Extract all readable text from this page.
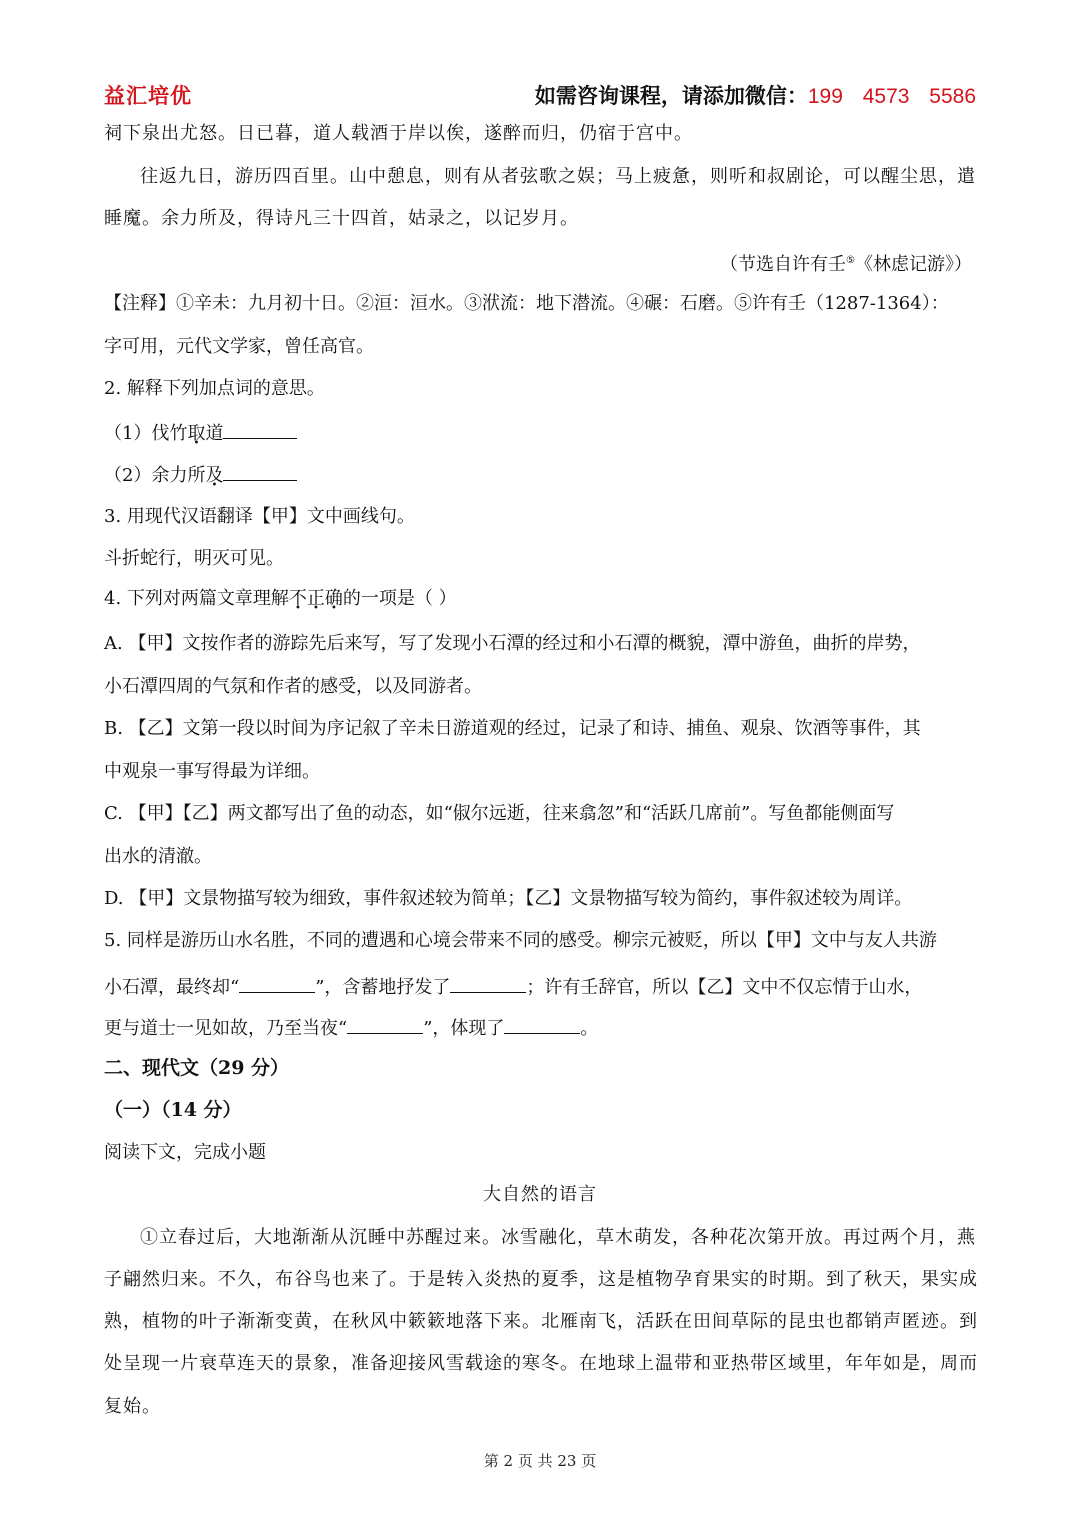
益汇培优	如需咨询课程，请添加微信：199 4573 5586
祠下泉出尤怒。日已暮，道人载酒于岸以俟，遂醉而归，仍宿于宫中。
往返九日，游历四百里。山中憩息，则有从者弦歌之娱；马上疲惫，则听和叔剧论，可以醒尘思，遣
睡魔。余力所及，得诗凡三十四首，姑录之，以记岁月。
（节选自许有壬⑤《林虑记游》）
【注释】①辛未：九月初十日。②洹：洹水。③洑流：地下潜流。④碾：石磨。⑤许有壬（1287-1364）：
字可用，元代文学家，曾任高官。
2. 解释下列加点词的意思。
（1）伐竹取道
（2）余力所及
3. 用现代汉语翻译【甲】文中画线句。
斗折蛇行，明灭可见。
4. 下列对两篇文章理解不正确的一项是（ ）
A. 【甲】文按作者的游踪先后来写，写了发现小石潭的经过和小石潭的概貌，潭中游鱼，曲折的岸势，
小石潭四周的气氛和作者的感受，以及同游者。
B. 【乙】文第一段以时间为序记叙了辛未日游道观的经过，记录了和诗、捕鱼、观泉、饮酒等事件，其
中观泉一事写得最为详细。
C. 【甲】【乙】两文都写出了鱼的动态，如“俶尔远逝，往来翕忽”和“活跃几席前”。写鱼都能侧面写
出水的清澈。
D. 【甲】文景物描写较为细致，事件叙述较为简单；【乙】文景物描写较为简约，事件叙述较为周详。
5. 同样是游历山水名胜，不同的遭遇和心境会带来不同的感受。柳宗元被贬，所以【甲】文中与友人共游
小石潭，最终却“	”，含蓄地抒发了	；许有壬辞官，所以【乙】文中不仅忘情于山水，
更与道士一见如故，乃至当夜“	”，体现了	。
二、现代文（29 分）
（一）（14 分）
阅读下文，完成小题
大自然的语言
①立春过后，大地渐渐从沉睡中苏醒过来。冰雪融化，草木萌发，各种花次第开放。再过两个月，燕
子翩然归来。不久，布谷鸟也来了。于是转入炎热的夏季，这是植物孕育果实的时期。到了秋天，果实成
熟，植物的叶子渐渐变黄，在秋风中簌簌地落下来。北雁南飞，活跃在田间草际的昆虫也都销声匿迹。到
处呈现一片衰草连天的景象，准备迎接风雪载途的寒冬。在地球上温带和亚热带区域里，年年如是，周而
复始。
第 2 页 共 23 页
